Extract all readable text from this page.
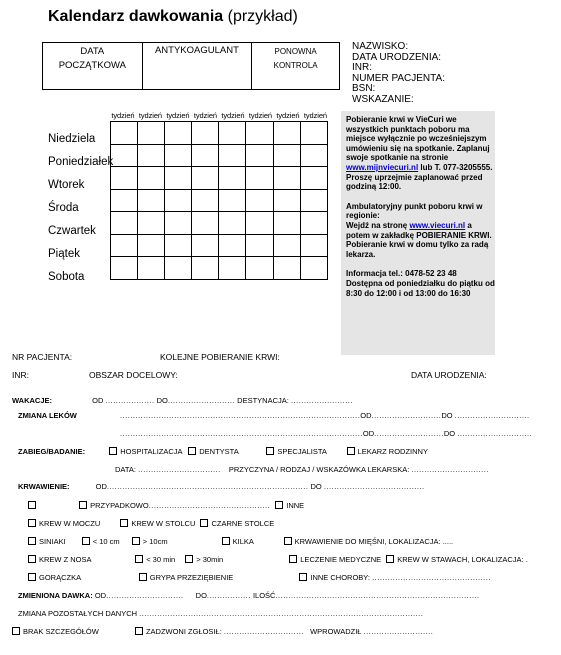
Kalendarz dawkowania (przykład)
DATA POCZĄTKOWA
	ANTYKOAGULANT	PONOWNA KONTROLA
NAZWISKO:
DATA URODZENIA:
INR:
NUMER PACJENTA:
BSN:
WSKAZANIE:
tydzień tydzień tydzień tydzień tydzień tydzień tydzień tydzień

Niedziela
Poniedziałek
Wtorek
Środa
Czwartek
Piątek
Sobota

Pobieranie krwi w VieCuri we wszystkich punktach poboru ma miejsce wyłącznie po wcześniejszym umówieniu się na spotkanie. Zaplanuj swoje spotkanie na stronie www.mijnviecuri.nl lub T. 077-3205555.
Proszę uprzejmie zaplanować przed godziną 12:00.

Ambulatoryjny punkt poboru krwi w regionie:
Wejdź na stronę www.viecuri.nl a potem w zakładkę POBIERANIE KRWI.
Pobieranie krwi w domu tylko za radą lekarza.

Informacja tel.: 0478-52 23 48
Dostępna od poniedziałku do piątku od 8:30 do 12:00 i od 13:00 do 16:30

NR PACJENTA:	KOLEJNE POBIERANIE KRWI:
INR:	OBSZAR DOCELOWY:	DATA URODZENIA:
WAKACJE:	OD ................... DO.......................... DESTYNACJA: ........................
ZMIANA LEKÓW	.............................................................................................OD...........................DO .............................
..............................................................................................OD...........................DO .............................
ZABIEG/BADANIE:	HOSPITALIZACJA DENTYSTA	SPECJALISTA	LEKARZ RODZINNY
DATA: ................................ PRZYCZYNA / RODZAJ / WSKAZÓWKA LEKARSKA: ..............................
KRWAWIENIE:	OD.............................................................................. DO .......................................
PRZYPADKOWO............................................... INNE
KREW W MOCZU	KREW W STOLCU CZARNE STOLCE
SINIAKI	< 10 cm	> 10cm	KILKA	KRWAWIENIE DO MIĘŚNI, LOKALIZACJA: .....
KREW Z NOSA	< 30 min	> 30min	LECZENIE MEDYCZNE KREW W STAWACH, LOKALIZACJA: .
GORĄCZKA	GRYPA PRZEZIĘBIENIE	INNE CHOROBY: ..............................................
ZMIENIONA DAWKA: OD.............................. DO................. ILOŚĆ...............................................................................
ZMIANA POZOSTAŁYCH DANYCH ..............................................................................................................
BRAK SZCZEGÓŁÓW	ZADZWONI ZGŁOSIŁ: ............................... WPROWADZIŁ ...........................
